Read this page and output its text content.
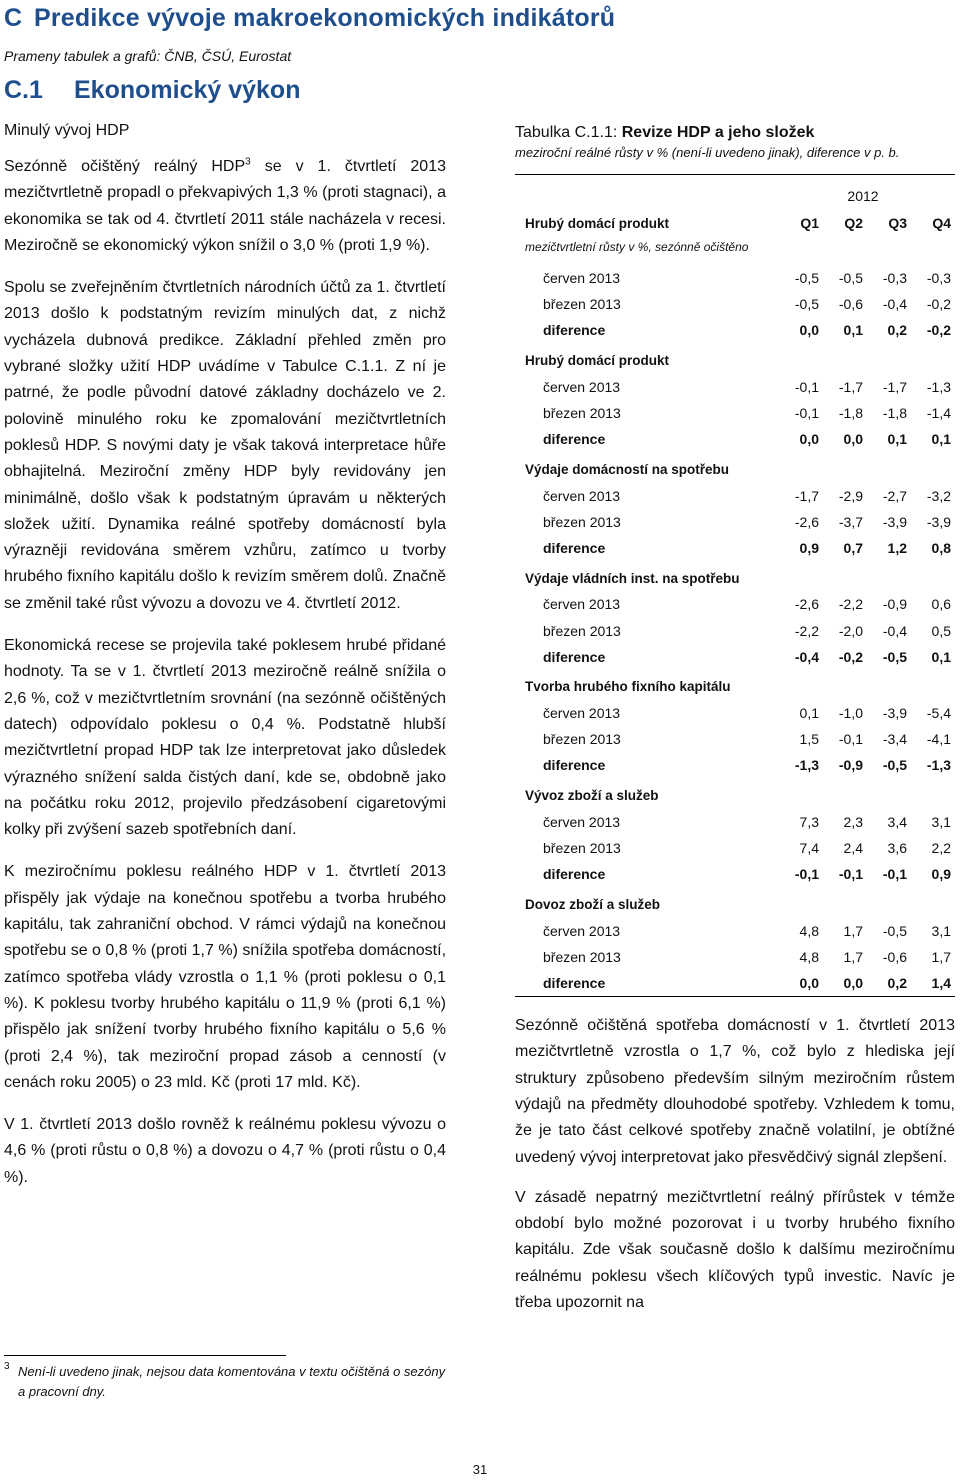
C Predikce vývoje makroekonomických indikátorů

Prameny tabulek a grafů: ČNB, ČSÚ, Eurostat

C.1 Ekonomický výkon
Minulý vývoj HDP

Sezónně očištěný reálný HDP$^3$ se v 1. čtvrtletí 2013 mezičtvrtletně propadl o překvapivých 1,3 % (proti stagnaci), a ekonomika se tak od 4. čtvrtletí 2011 stále nacházela v recesi. Meziročně se ekonomický výkon snížil o 3,0 % (proti 1,9 %).

Spolu se zveřejněním čtvrtletních národních účtů za 1. čtvrtletí 2013 došlo k podstatným revizím minulých dat, z nichž vycházela dubnová predikce. Základní přehled změn pro vybrané složky užití HDP uvádíme v Tabulce C.1.1. Z ní je patrné, že podle původní datové základny docházelo ve 2. polovině minulého roku ke zpomalování mezičtvrtletních poklesů HDP. S novými daty je však taková interpretace hůře obhajitelná. Meziroční změny HDP byly revidovány jen minimálně, došlo však k podstatným úpravám u některých složek užití. Dynamika reálné spotřeby domácností byla výrazněji revidována směrem vzhůru, zatímco u tvorby hrubého fixního kapitálu došlo k revizím směrem dolů. Značně se změnil také růst vývozu a dovozu ve 4. čtvrtletí 2012.

Ekonomická recese se projevila také poklesem hrubé přidané hodnoty. Ta se v 1. čtvrtletí 2013 meziročně reálně snížila o 2,6 %, což v mezičtvrtletním srovnání (na sezónně očištěných datech) odpovídalo poklesu o 0,4 %. Podstatně hlubší mezičtvrtletní propad HDP tak lze interpretovat jako důsledek výrazného snížení salda čistých daní, kde se, obdobně jako na počátku roku 2012, projevilo předzásobení cigaretovými kolky při zvýšení sazeb spotřebních daní.

K meziročnímu poklesu reálného HDP v 1. čtvrtletí 2013 přispěly jak výdaje na konečnou spotřebu a tvorba hrubého kapitálu, tak zahraniční obchod. V rámci výdajů na konečnou spotřebu se o 0,8 % (proti 1,7 %) snížila spotřeba domácností, zatímco spotřeba vlády vzrostla o 1,1 % (proti poklesu o 0,1 %). K poklesu tvorby hrubého kapitálu o 11,9 % (proti 6,1 %) přispělo jak snížení tvorby hrubého fixního kapitálu o 5,6 % (proti 2,4 %), tak meziroční propad zásob a cenností (v cenách roku 2005) o 23 mld. Kč (proti 17 mld. Kč).

V 1. čtvrtletí 2013 došlo rovněž k reálnému poklesu vývozu o 4,6 % (proti růstu o 0,8 %) a dovozu o 4,7 % (proti růstu o 0,4 %).

3 Není-li uvedeno jinak, nejsou data komentována v textu očištěná o sezóny a pracovní dny.

Tabulka C.1.1: Revize HDP a jeho složek

meziroční reálné růsty v % (není-li uvedeno jinak), diference v p. b.

2012
Hrubý domácí produkt	Q1	Q2	Q3	Q4
mezičtvrtletní růsty v %, sezónně očištěno
červen 2013	-0,5	-0,5	-0,3	-0,3
březen 2013	-0,5	-0,6	-0,4	-0,2
diference	0,0	0,1	0,2	-0,2
Hrubý domácí produkt
červen 2013	-0,1	-1,7	-1,7	-1,3
březen 2013	-0,1	-1,8	-1,8	-1,4
diference	0,0	0,0	0,1	0,1
Výdaje domácností na spotřebu
červen 2013	-1,7	-2,9	-2,7	-3,2
březen 2013	-2,6	-3,7	-3,9	-3,9
diference	0,9	0,7	1,2	0,8
Výdaje vládních inst. na spotřebu
červen 2013	-2,6	-2,2	-0,9	0,6
březen 2013	-2,2	-2,0	-0,4	0,5
diference	-0,4	-0,2	-0,5	0,1
Tvorba hrubého fixního kapitálu
červen 2013	0,1	-1,0	-3,9	-5,4
březen 2013	1,5	-0,1	-3,4	-4,1
diference	-1,3	-0,9	-0,5	-1,3
Vývoz zboží a služeb
červen 2013	7,3	2,3	3,4	3,1
březen 2013	7,4	2,4	3,6	2,2
diference	-0,1	-0,1	-0,1	0,9
Dovoz zboží a služeb
červen 2013	4,8	1,7	-0,5	3,1
březen 2013	4,8	1,7	-0,6	1,7
diference	0,0	0,0	0,2	1,4

Sezónně očištěná spotřeba domácností v 1. čtvrtletí 2013 mezičtvrtletně vzrostla o 1,7 %, což bylo z hlediska její struktury způsobeno především silným meziročním růstem výdajů na předměty dlouhodobé spotřeby. Vzhledem k tomu, že je tato část celkové spotřeby značně volatilní, je obtížné uvedený vývoj interpretovat jako přesvědčivý signál zlepšení.

V zásadě nepatrný mezičtvrtletní reálný přírůstek v témže období bylo možné pozorovat i u tvorby hrubého fixního kapitálu. Zde však současně došlo k dalšímu meziročnímu reálnému poklesu všech klíčových typů investic. Navíc je třeba upozornit na

31
